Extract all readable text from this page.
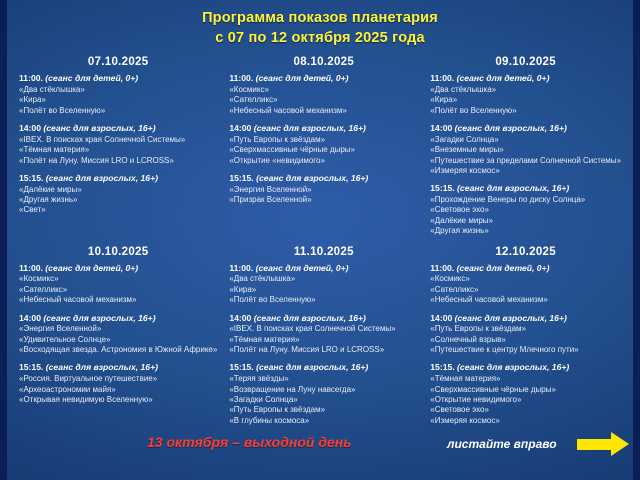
Программа показов планетария
с 07 по 12 октября 2025 года
07.10.2025
11:00. (сеанс для детей, 0+)
«Два стёклышка»
«Кира»
«Полёт во Вселенную»
14:00 (сеанс для взрослых, 16+)
«IBEX. В поисках края Солнечной Системы»
«Тёмная материя»
«Полёт на Луну. Миссия LRO и LCROSS»
15:15. (сеанс для взрослых, 16+)
«Далёкие миры»
«Другая жизнь»
«Свет»
08.10.2025
11:00. (сеанс для детей, 0+)
«Космикс»
«Сателликс»
«Небесный часовой механизм»
14:00 (сеанс для взрослых, 16+)
«Путь Европы к звёздам»
«Сверхмассивные чёрные дыры»
«Открытие «невидимого»
15:15. (сеанс для взрослых, 16+)
«Энергия Вселенной»
«Призрак Вселенной»
09.10.2025
11:00. (сеанс для детей, 0+)
«Два стёклышка»
«Кира»
«Полёт во Вселенную»
14:00 (сеанс для взрослых, 16+)
«Загадки Солнца»
«Внеземные миры»
«Путешествие за пределами Солнечной Системы»
«Измеряя космос»
15:15. (сеанс для взрослых, 16+)
«Прохождение Венеры по диску Солнца»
«Световое эхо»
«Далёкие миры»
«Другая жизнь»
10.10.2025
11:00. (сеанс для детей, 0+)
«Космикс»
«Сателликс»
«Небесный часовой механизм»
14:00 (сеанс для взрослых, 16+)
«Энергия Вселенной»
«Удивительное Солнце»
«Восходящая звезда. Астрономия в Южной Африке»
15:15. (сеанс для взрослых, 16+)
«Россия. Виртуальное путешествие»
«Археоастрономии майя»
«Открывая невидимую Вселенную»
11.10.2025
11:00. (сеанс для детей, 0+)
«Два стёклышка»
«Кира»
«Полёт во Вселенную»
14:00 (сеанс для взрослых, 16+)
«IBEX. В поисках края Солнечной Системы»
«Тёмная материя»
«Полёт на Луну. Миссия LRO и LCROSS»
15:15. (сеанс для взрослых, 16+)
«Теряя звёзды»
«Возвращение на Луну навсегда»
«Загадки Солнца»
«Путь Европы к звёздам»
«В глубины космоса»
12.10.2025
11:00. (сеанс для детей, 0+)
«Космикс»
«Сателликс»
«Небесный часовой механизм»
14:00 (сеанс для взрослых, 16+)
«Путь Европы к звёздам»
«Солнечный взрыв»
«Путешествие к центру Млечного пути»
15:15. (сеанс для взрослых, 16+)
«Тёмная материя»
«Сверхмассивные чёрные дыры»
«Открытие невидимого»
«Световое эхо»
«Измеряя космос»
13 октября – выходной день	листайте вправо
